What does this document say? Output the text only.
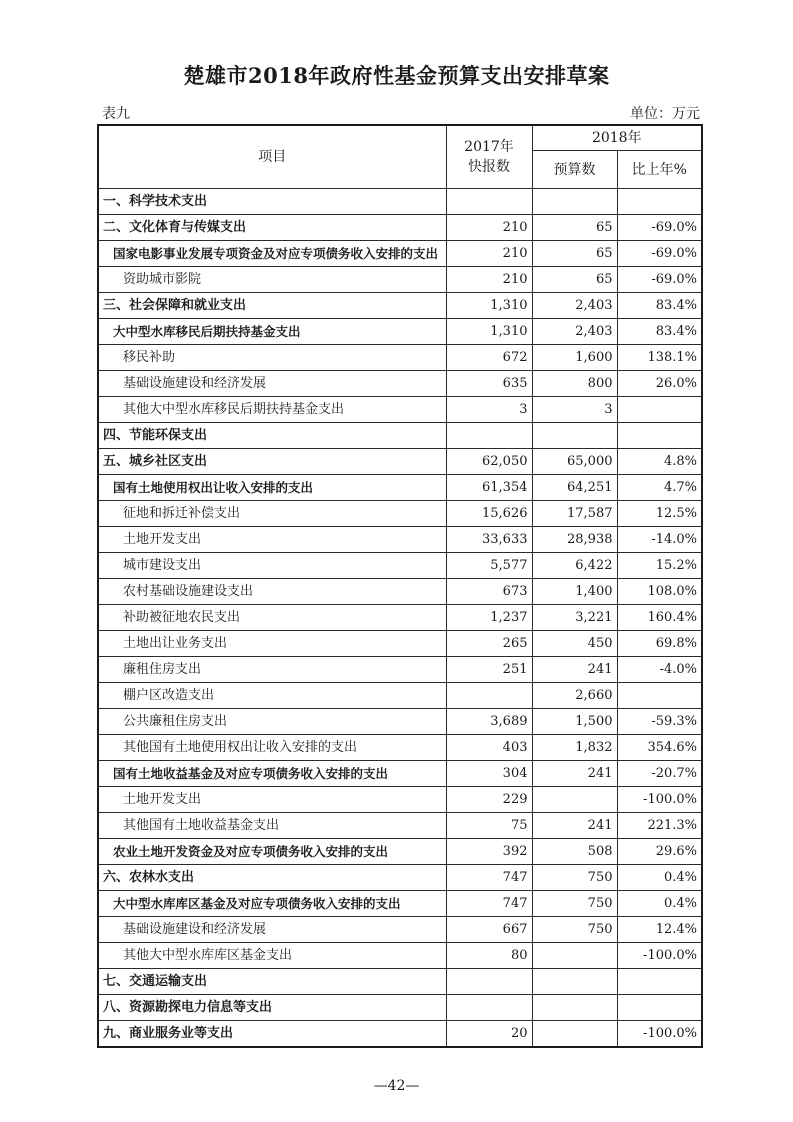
楚雄市2018年政府性基金预算支出安排草案
表九	单位：万元
项目	2017年快报数	2018年	
		预算数	比上年%
一、科学技术支出			
二、文化体育与传媒支出	210	65	-69.0%
国家电影事业发展专项资金及对应专项债务收入安排的支出	210	65	-69.0%
资助城市影院	210	65	-69.0%
三、社会保障和就业支出	1,310	2,403	83.4%
大中型水库移民后期扶持基金支出	1,310	2,403	83.4%
移民补助	672	1,600	138.1%
基础设施建设和经济发展	635	800	26.0%
其他大中型水库移民后期扶持基金支出	3	3	
四、节能环保支出			
五、城乡社区支出	62,050	65,000	4.8%
国有土地使用权出让收入安排的支出	61,354	64,251	4.7%
征地和拆迁补偿支出	15,626	17,587	12.5%
土地开发支出	33,633	28,938	-14.0%
城市建设支出	5,577	6,422	15.2%
农村基础设施建设支出	673	1,400	108.0%
补助被征地农民支出	1,237	3,221	160.4%
土地出让业务支出	265	450	69.8%
廉租住房支出	251	241	-4.0%
棚户区改造支出		2,660	
公共廉租住房支出	3,689	1,500	-59.3%
其他国有土地使用权出让收入安排的支出	403	1,832	354.6%
国有土地收益基金及对应专项债务收入安排的支出	304	241	-20.7%
土地开发支出	229		-100.0%
其他国有土地收益基金支出	75	241	221.3%
农业土地开发资金及对应专项债务收入安排的支出	392	508	29.6%
六、农林水支出	747	750	0.4%
大中型水库库区基金及对应专项债务收入安排的支出	747	750	0.4%
基础设施建设和经济发展	667	750	12.4%
其他大中型水库库区基金支出	80		-100.0%
七、交通运输支出			
八、资源勘探电力信息等支出			
九、商业服务业等支出	20		-100.0%
—42—
